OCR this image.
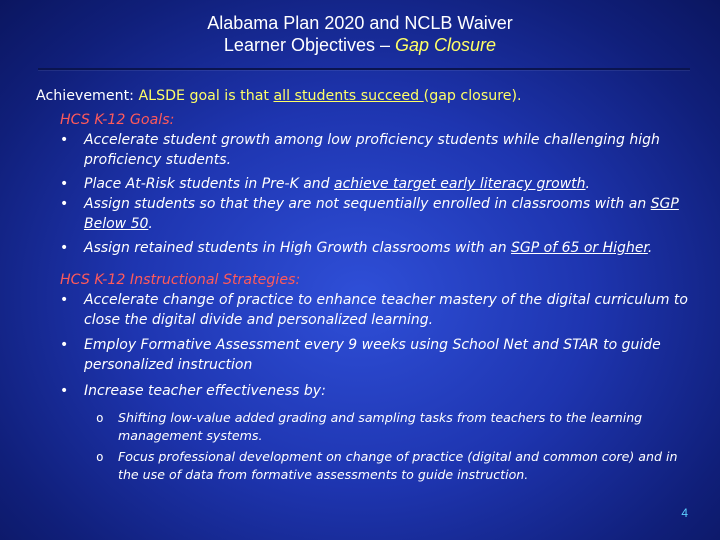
Alabama Plan 2020 and NCLB Waiver
Learner Objectives – Gap Closure
Achievement: ALSDE goal is that all students succeed (gap closure).
HCS K-12 Goals:
• Accelerate student growth among low proficiency students while challenging high proficiency students.
• Place At-Risk students in Pre-K and achieve target early literacy growth.
• Assign students so that they are not sequentially enrolled in classrooms with an SGP Below 50.
• Assign retained students in High Growth classrooms with an SGP of 65 or Higher.
HCS K-12 Instructional Strategies:
• Accelerate change of practice to enhance teacher mastery of the digital curriculum to close the digital divide and personalized learning.
• Employ Formative Assessment every 9 weeks using School Net and STAR to guide personalized instruction
• Increase teacher effectiveness by:
o Shifting low-value added grading and sampling tasks from teachers to the learning management systems.
o Focus professional development on change of practice (digital and common core) and in the use of data from formative assessments to guide instruction.
4
